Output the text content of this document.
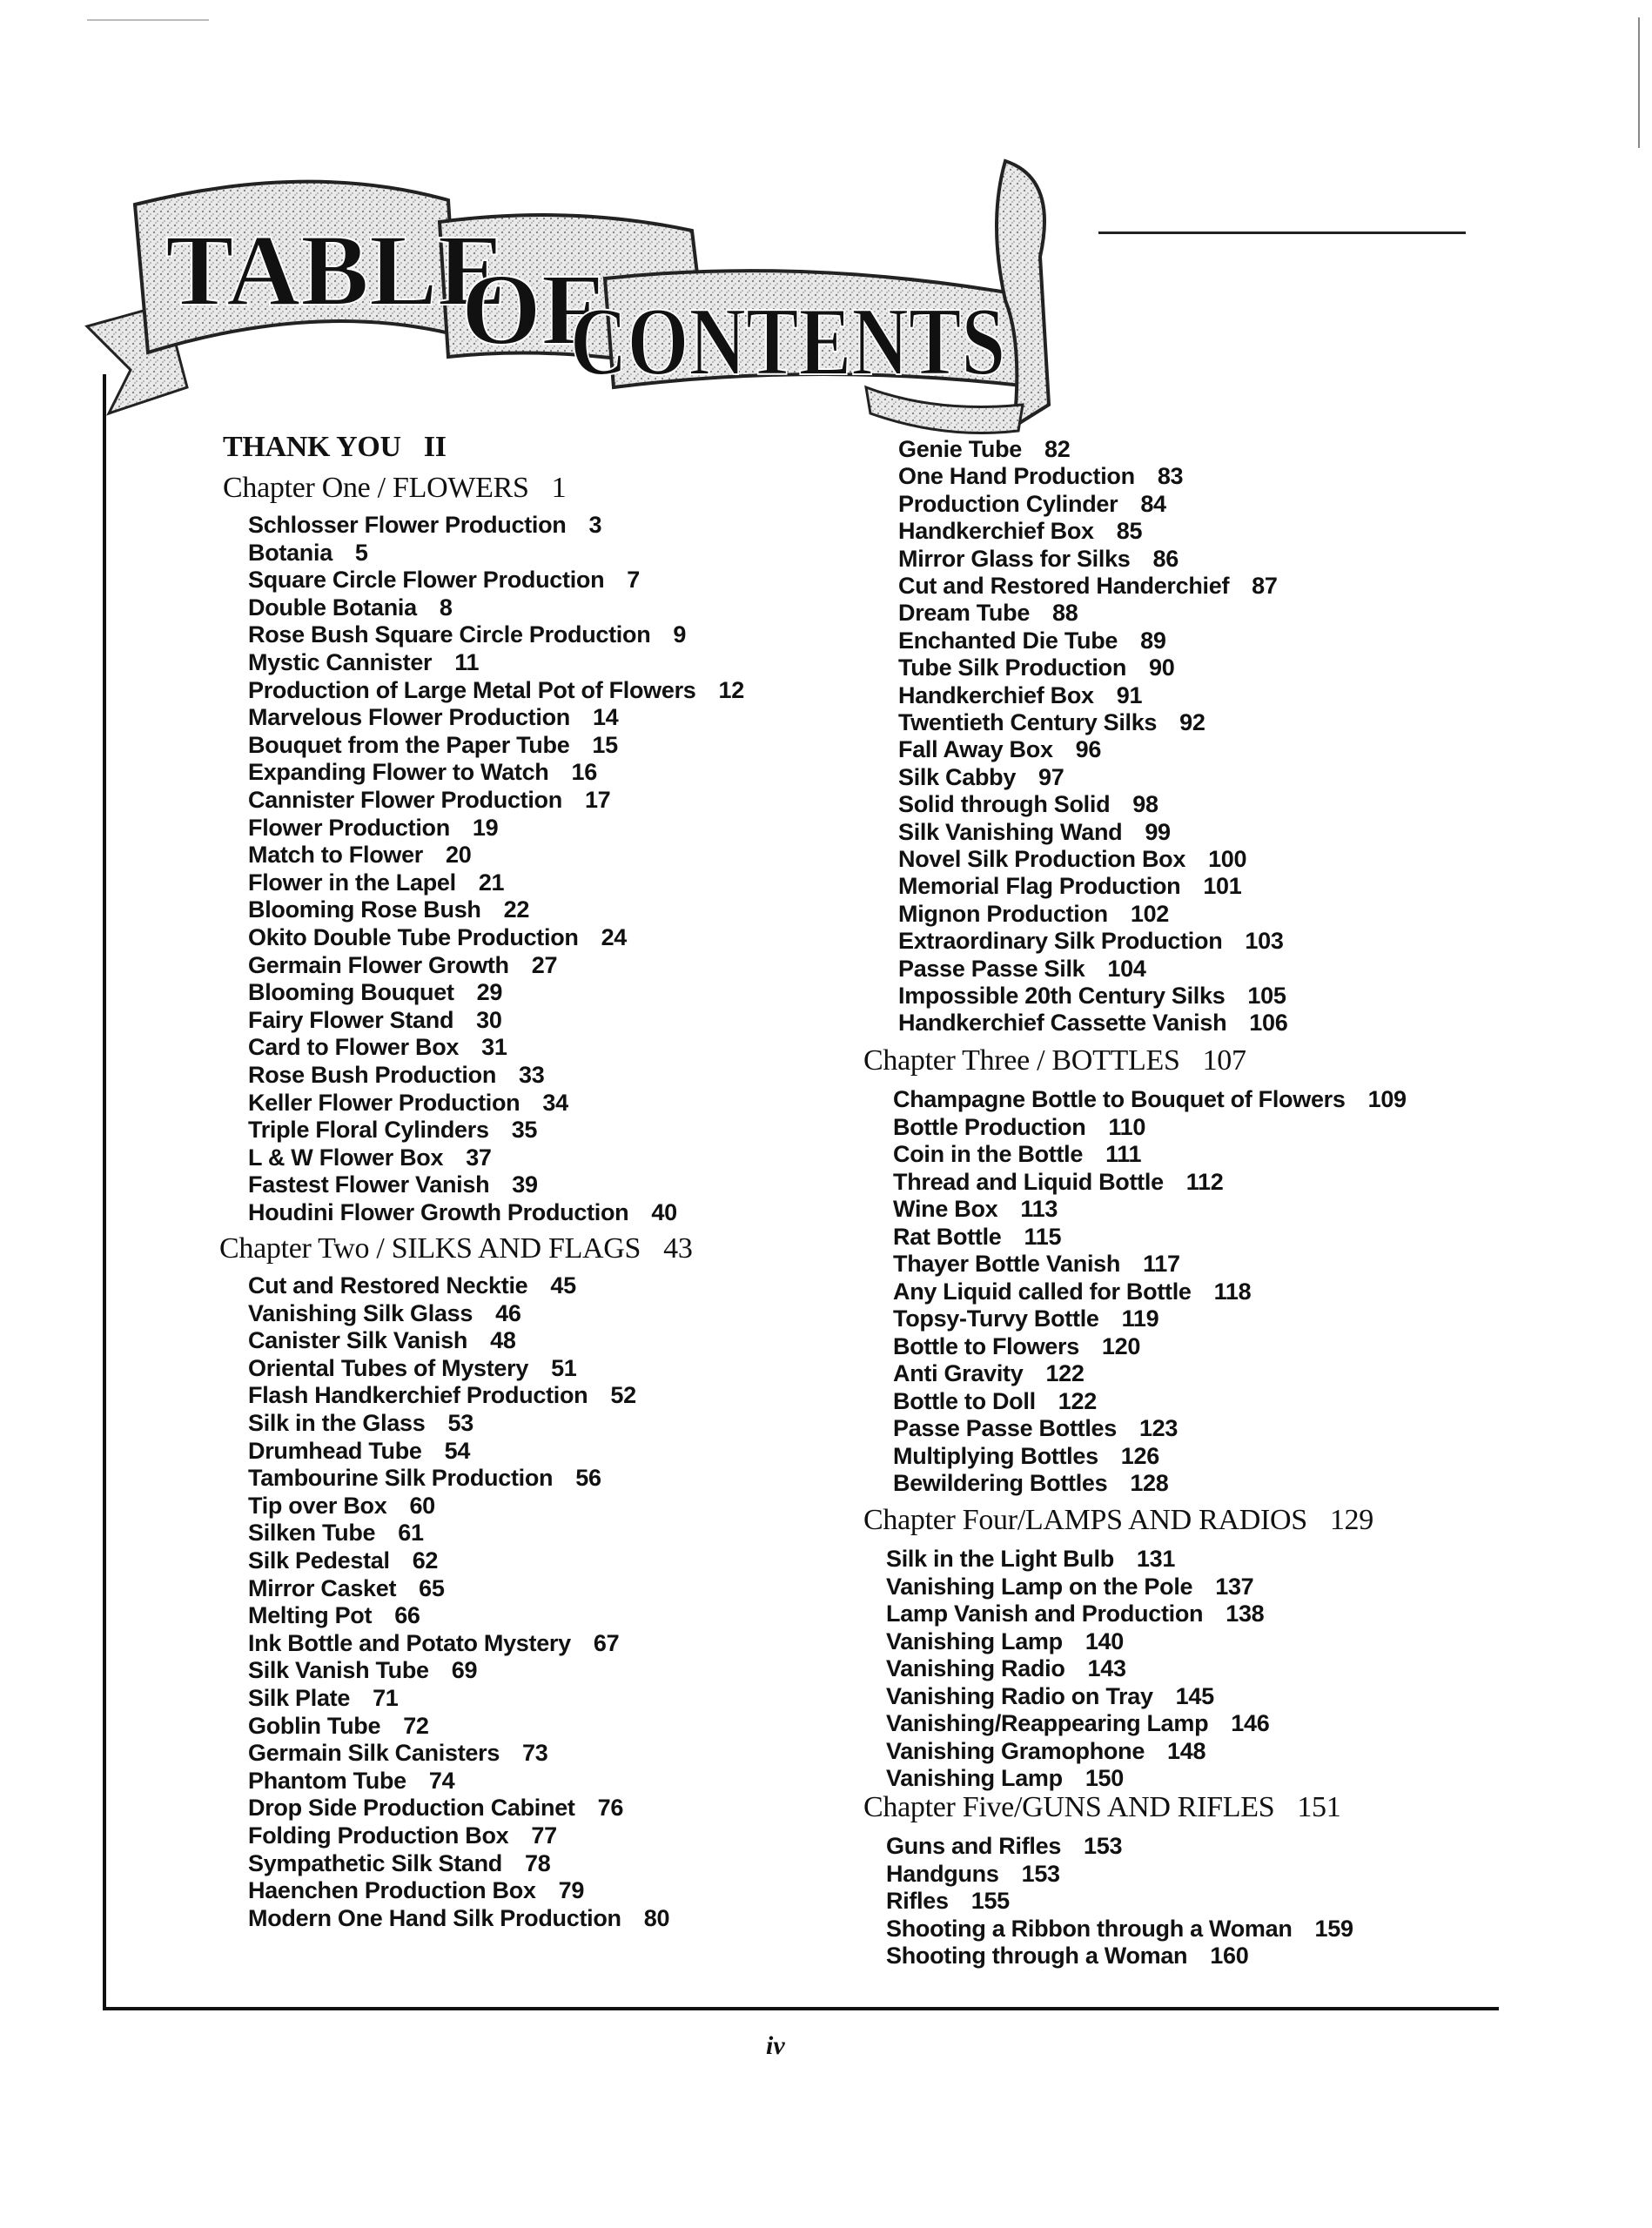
TABLE
OF
CONTENTS
THANK YOU II
Chapter One / FLOWERS 1
Schlosser Flower Production 3
Botania 5
Square Circle Flower Production 7
Double Botania 8
Rose Bush Square Circle Production 9
Mystic Cannister 11
Production of Large Metal Pot of Flowers 12
Marvelous Flower Production 14
Bouquet from the Paper Tube 15
Expanding Flower to Watch 16
Cannister Flower Production 17
Flower Production 19
Match to Flower 20
Flower in the Lapel 21
Blooming Rose Bush 22
Okito Double Tube Production 24
Germain Flower Growth 27
Blooming Bouquet 29
Fairy Flower Stand 30
Card to Flower Box 31
Rose Bush Production 33
Keller Flower Production 34
Triple Floral Cylinders 35
L & W Flower Box 37
Fastest Flower Vanish 39
Houdini Flower Growth Production 40
Chapter Two / SILKS AND FLAGS 43
Cut and Restored Necktie 45
Vanishing Silk Glass 46
Canister Silk Vanish 48
Oriental Tubes of Mystery 51
Flash Handkerchief Production 52
Silk in the Glass 53
Drumhead Tube 54
Tambourine Silk Production 56
Tip over Box 60
Silken Tube 61
Silk Pedestal 62
Mirror Casket 65
Melting Pot 66
Ink Bottle and Potato Mystery 67
Silk Vanish Tube 69
Silk Plate 71
Goblin Tube 72
Germain Silk Canisters 73
Phantom Tube 74
Drop Side Production Cabinet 76
Folding Production Box 77
Sympathetic Silk Stand 78
Haenchen Production Box 79
Modern One Hand Silk Production 80
Genie Tube 82
One Hand Production 83
Production Cylinder 84
Handkerchief Box 85
Mirror Glass for Silks 86
Cut and Restored Handerchief 87
Dream Tube 88
Enchanted Die Tube 89
Tube Silk Production 90
Handkerchief Box 91
Twentieth Century Silks 92
Fall Away Box 96
Silk Cabby 97
Solid through Solid 98
Silk Vanishing Wand 99
Novel Silk Production Box 100
Memorial Flag Production 101
Mignon Production 102
Extraordinary Silk Production 103
Passe Passe Silk 104
Impossible 20th Century Silks 105
Handkerchief Cassette Vanish 106
Chapter Three / BOTTLES 107
Champagne Bottle to Bouquet of Flowers 109
Bottle Production 110
Coin in the Bottle 111
Thread and Liquid Bottle 112
Wine Box 113
Rat Bottle 115
Thayer Bottle Vanish 117
Any Liquid called for Bottle 118
Topsy-Turvy Bottle 119
Bottle to Flowers 120
Anti Gravity 122
Bottle to Doll 122
Passe Passe Bottles 123
Multiplying Bottles 126
Bewildering Bottles 128
Chapter Four/LAMPS AND RADIOS 129
Silk in the Light Bulb 131
Vanishing Lamp on the Pole 137
Lamp Vanish and Production 138
Vanishing Lamp 140
Vanishing Radio 143
Vanishing Radio on Tray 145
Vanishing/Reappearing Lamp 146
Vanishing Gramophone 148
Vanishing Lamp 150
Chapter Five/GUNS AND RIFLES 151
Guns and Rifles 153
Handguns 153
Rifles 155
Shooting a Ribbon through a Woman 159
Shooting through a Woman 160
iv
